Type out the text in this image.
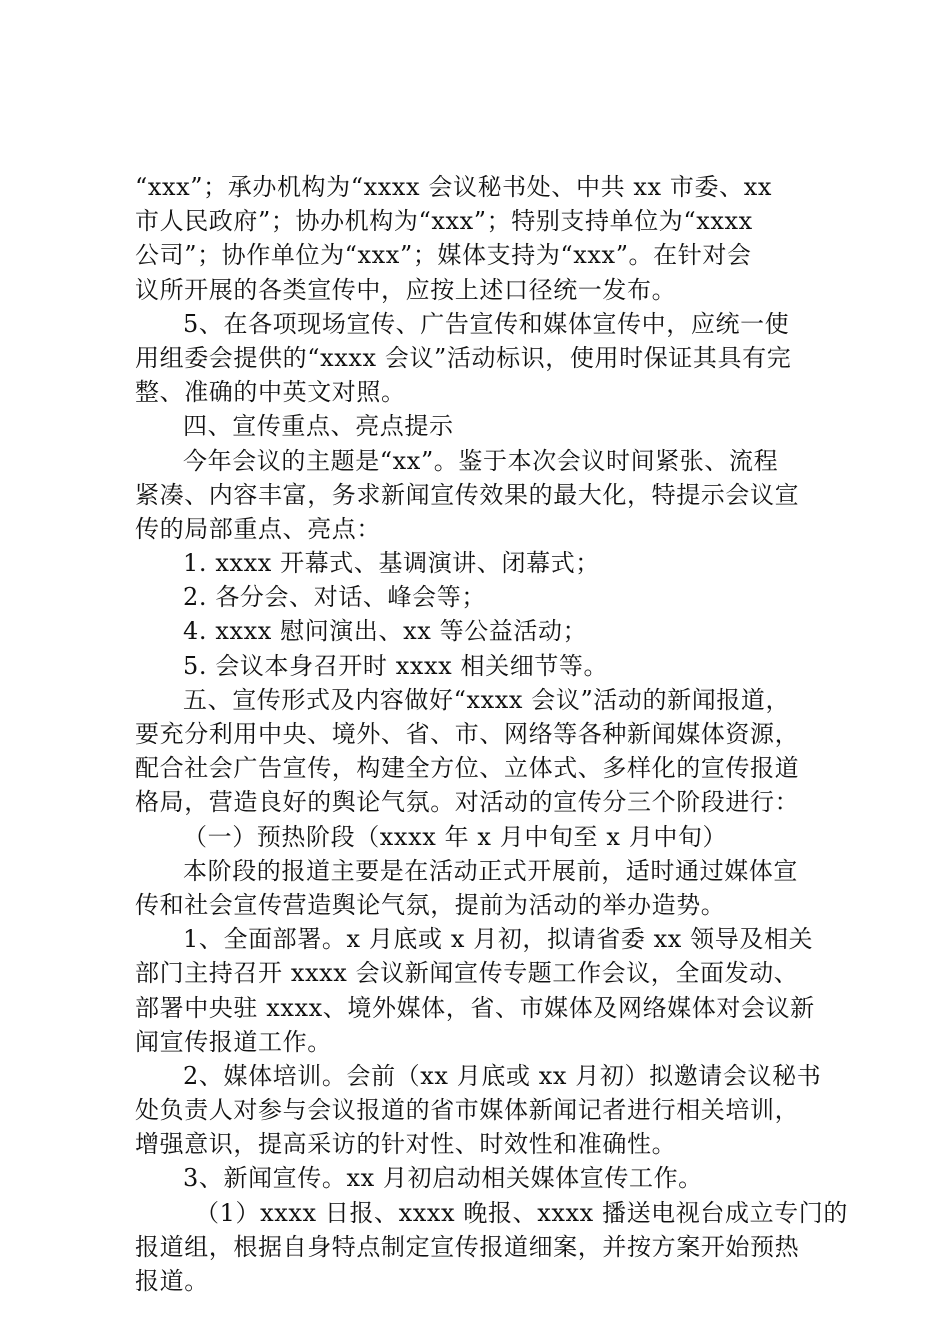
“xxx”；承办机构为“xxxx 会议秘书处、中共 xx 市委、xx
市人民政府”；协办机构为“xxx”；特别支持单位为“xxxx
公司”；协作单位为“xxx”；媒体支持为“xxx”。在针对会
议所开展的各类宣传中，应按上述口径统一发布。
5、在各项现场宣传、广告宣传和媒体宣传中，应统一使
用组委会提供的“xxxx 会议”活动标识，使用时保证其具有完
整、准确的中英文对照。
四、宣传重点、亮点提示
今年会议的主题是“xx”。鉴于本次会议时间紧张、流程
紧凑、内容丰富，务求新闻宣传效果的最大化，特提示会议宣
传的局部重点、亮点：
1. xxxx 开幕式、基调演讲、闭幕式；
2. 各分会、对话、峰会等；
4. xxxx 慰问演出、xx 等公益活动；
5. 会议本身召开时 xxxx 相关细节等。
五、宣传形式及内容做好“xxxx 会议”活动的新闻报道，
要充分利用中央、境外、省、市、网络等各种新闻媒体资源，
配合社会广告宣传，构建全方位、立体式、多样化的宣传报道
格局，营造良好的舆论气氛。对活动的宣传分三个阶段进行：
（一）预热阶段（xxxx 年 x 月中旬至 x 月中旬）
本阶段的报道主要是在活动正式开展前，适时通过媒体宣
传和社会宣传营造舆论气氛，提前为活动的举办造势。
1、全面部署。x 月底或 x 月初，拟请省委 xx 领导及相关
部门主持召开 xxxx 会议新闻宣传专题工作会议，全面发动、
部署中央驻 xxxx、境外媒体，省、市媒体及网络媒体对会议新
闻宣传报道工作。
2、媒体培训。会前（xx 月底或 xx 月初）拟邀请会议秘书
处负责人对参与会议报道的省市媒体新闻记者进行相关培训，
增强意识，提高采访的针对性、时效性和准确性。
3、新闻宣传。xx 月初启动相关媒体宣传工作。
（1）xxxx 日报、xxxx 晚报、xxxx 播送电视台成立专门的
报道组，根据自身特点制定宣传报道细案，并按方案开始预热
报道。
